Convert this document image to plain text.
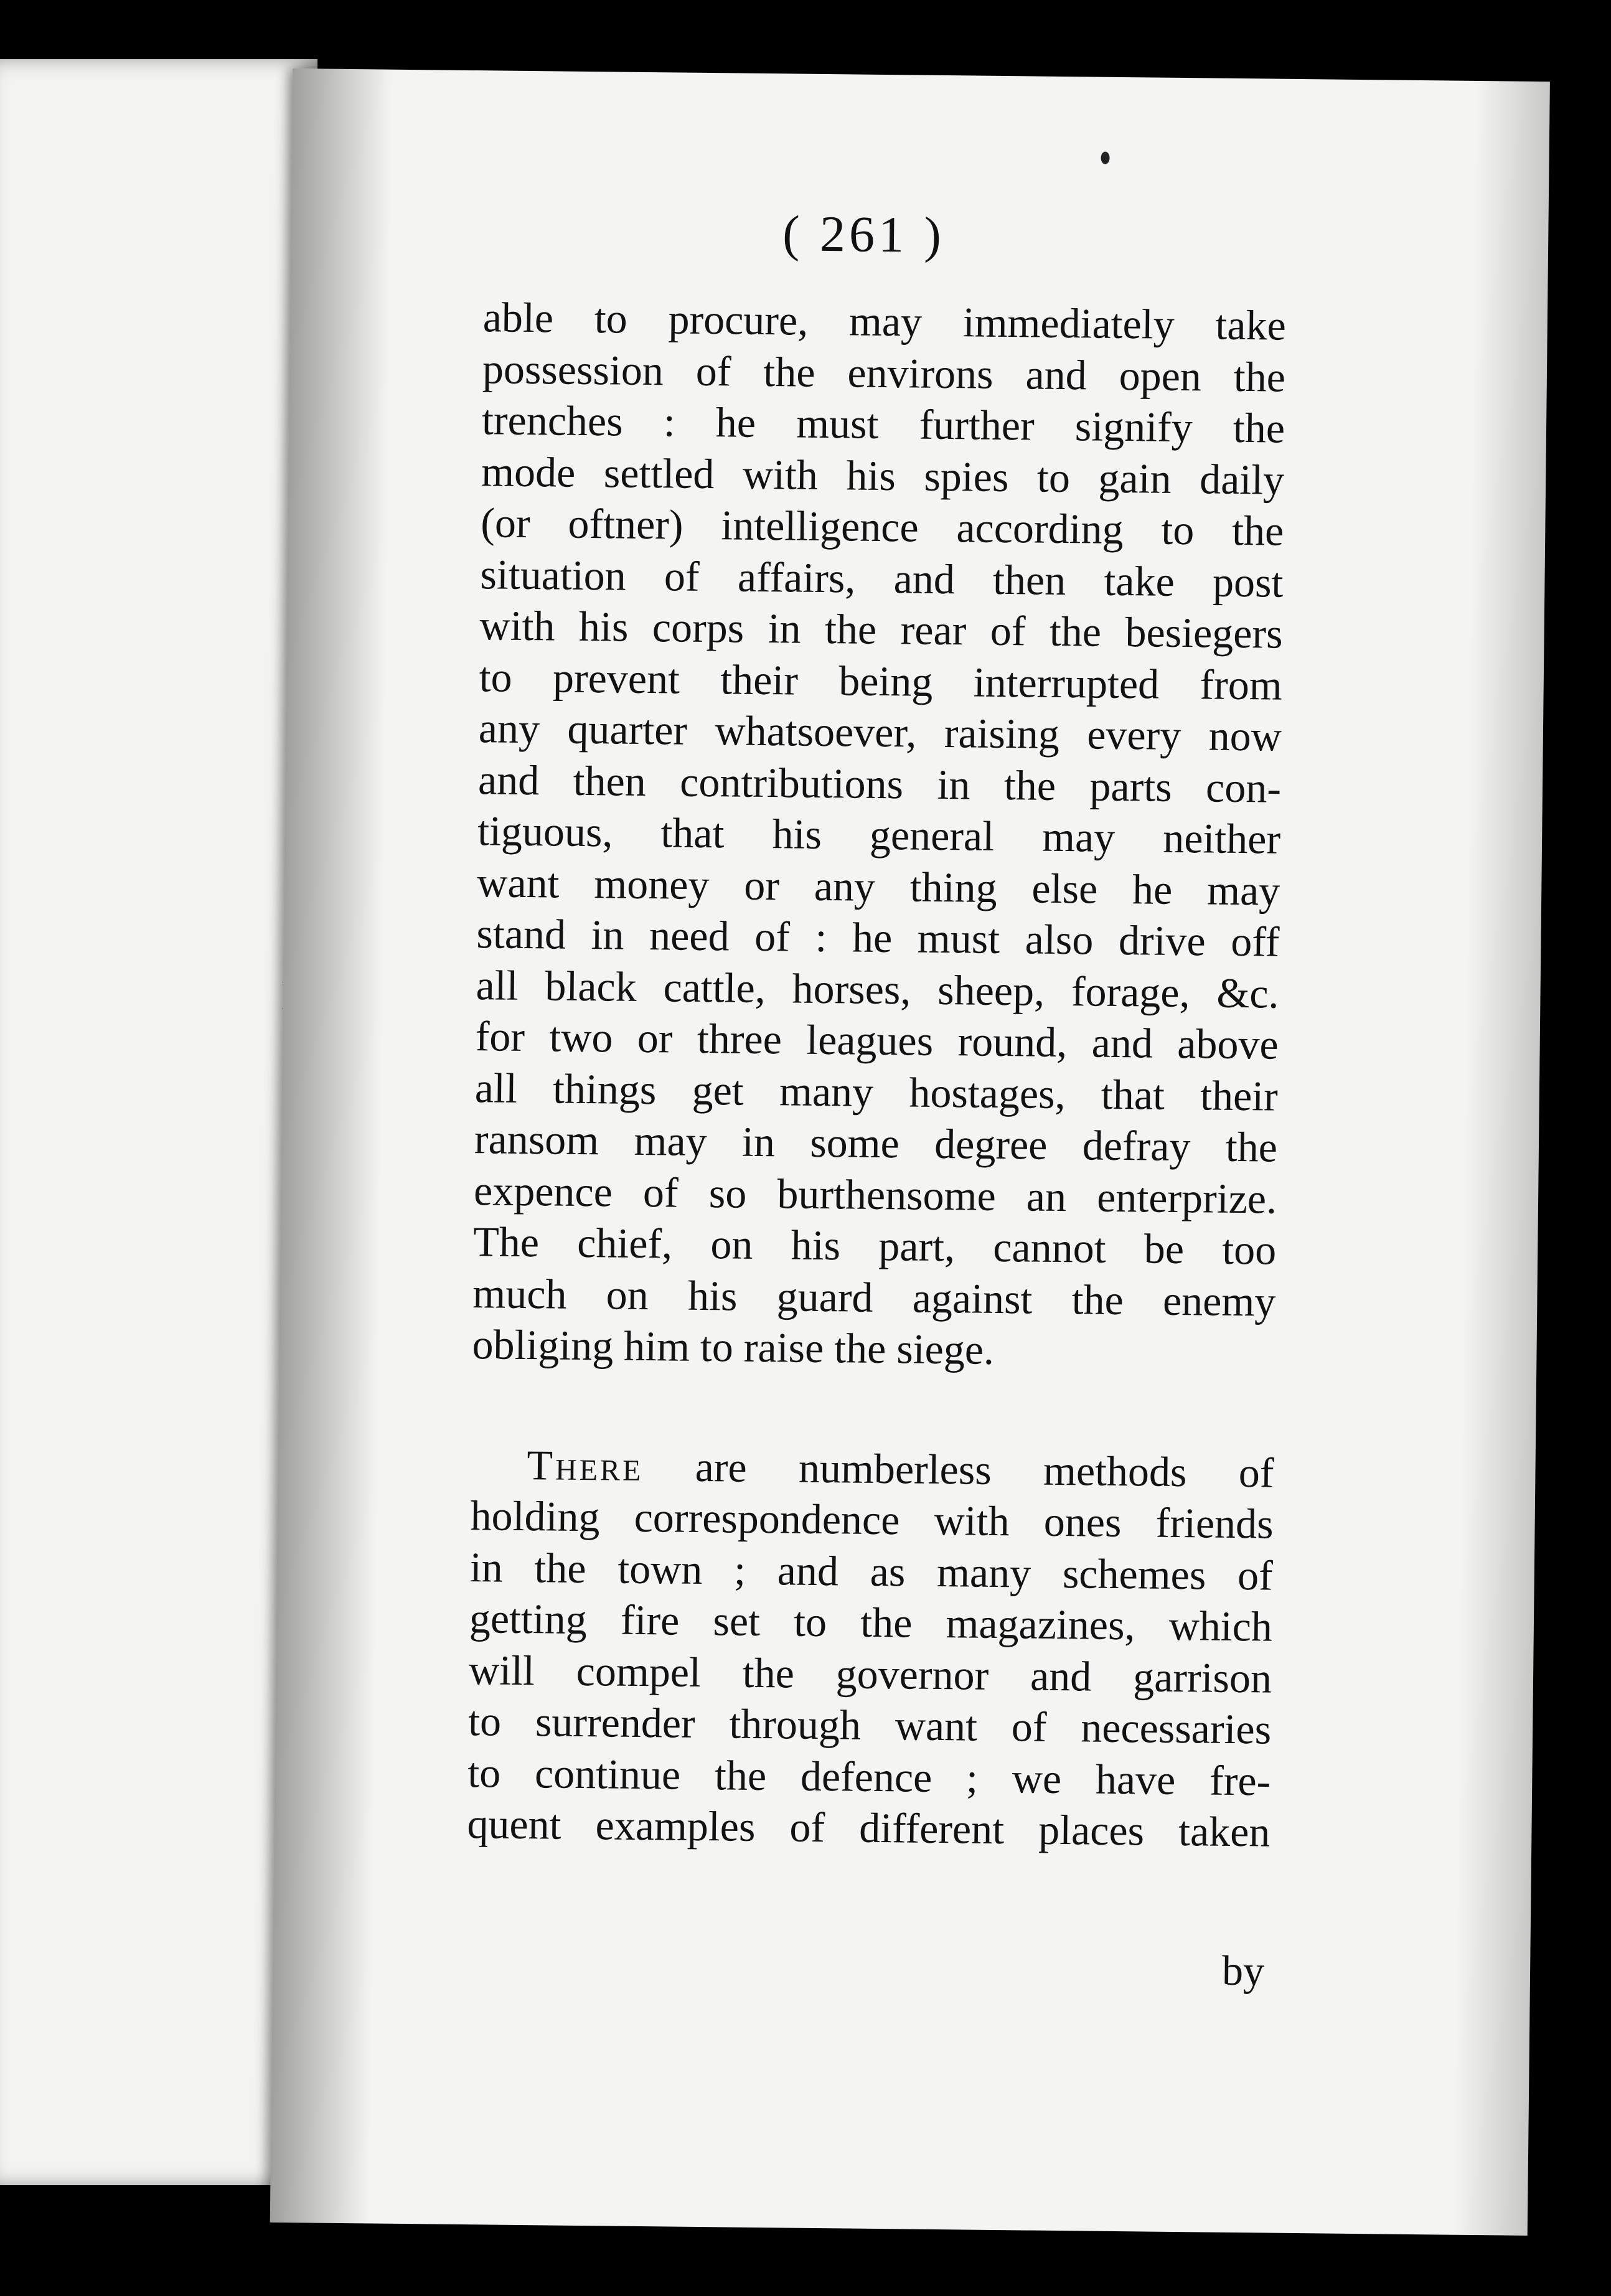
( 261 )
able to procure, may immediately take
possession of the environs and open the
trenches : he must further signify the
mode settled with his spies to gain daily
(or oftner) intelligence according to the
situation of affairs, and then take post
with his corps in the rear of the besiegers
to prevent their being interrupted from
any quarter whatsoever, raising every now
and then contributions in the parts con-
tiguous, that his general may neither
want money or any thing else he may
stand in need of : he must also drive off
all black cattle, horses, sheep, forage, &c.
for two or three leagues round, and above
all things get many hostages, that their
ransom may in some degree defray the
expence of so burthensome an enterprize.
The chief, on his part, cannot be too
much on his guard against the enemy
obliging him to raise the siege.
There are numberless methods of
holding correspondence with ones friends
in the town ; and as many schemes of
getting fire set to the magazines, which
will compel the governor and garrison
to surrender through want of necessaries
to continue the defence ; we have fre-
quent examples of different places taken
by
